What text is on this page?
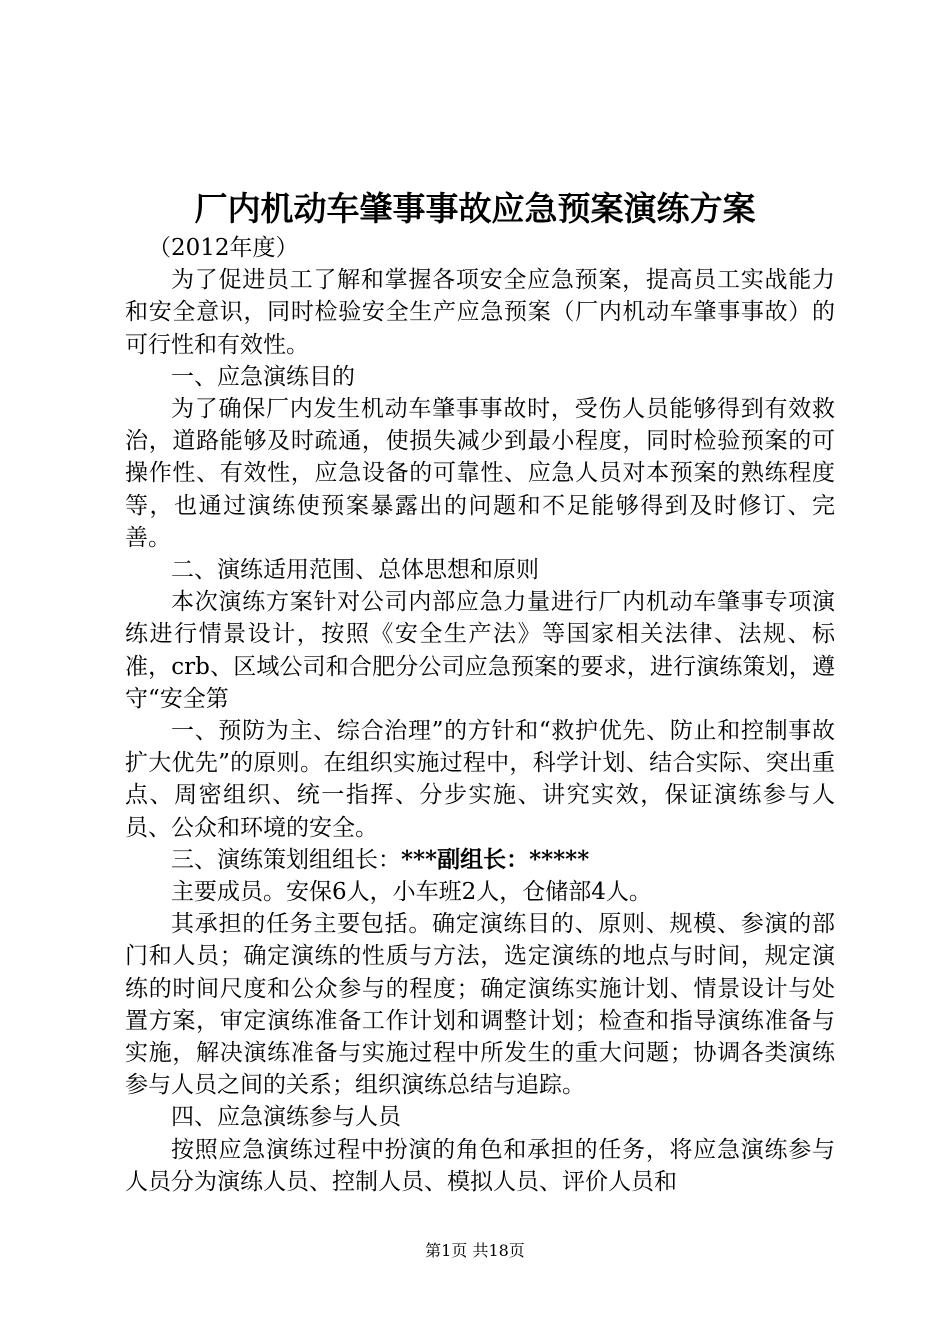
厂内机动车肇事事故应急预案演练方案

（2012年度）

为了促进员工了解和掌握各项安全应急预案，提高员工实战能力和安全意识，同时检验安全生产应急预案（厂内机动车肇事事故）的可行性和有效性。

一、应急演练目的

为了确保厂内发生机动车肇事事故时，受伤人员能够得到有效救治，道路能够及时疏通，使损失减少到最小程度，同时检验预案的可操作性、有效性，应急设备的可靠性、应急人员对本预案的熟练程度等，也通过演练使预案暴露出的问题和不足能够得到及时修订、完善。

二、演练适用范围、总体思想和原则

本次演练方案针对公司内部应急力量进行厂内机动车肇事专项演练进行情景设计，按照《安全生产法》等国家相关法律、法规、标准，crb、区域公司和合肥分公司应急预案的要求，进行演练策划，遵守“安全第

一、预防为主、综合治理”的方针和“救护优先、防止和控制事故扩大优先”的原则。在组织实施过程中，科学计划、结合实际、突出重点、周密组织、统一指挥、分步实施、讲究实效，保证演练参与人员、公众和环境的安全。

三、演练策划组组长：***副组长：*****

主要成员。安保6人，小车班2人，仓储部4人。

其承担的任务主要包括。确定演练目的、原则、规模、参演的部门和人员；确定演练的性质与方法，选定演练的地点与时间，规定演练的时间尺度和公众参与的程度；确定演练实施计划、情景设计与处置方案，审定演练准备工作计划和调整计划；检查和指导演练准备与实施，解决演练准备与实施过程中所发生的重大问题；协调各类演练参与人员之间的关系；组织演练总结与追踪。

四、应急演练参与人员

按照应急演练过程中扮演的角色和承担的任务，将应急演练参与人员分为演练人员、控制人员、模拟人员、评价人员和

第1页 共18页
